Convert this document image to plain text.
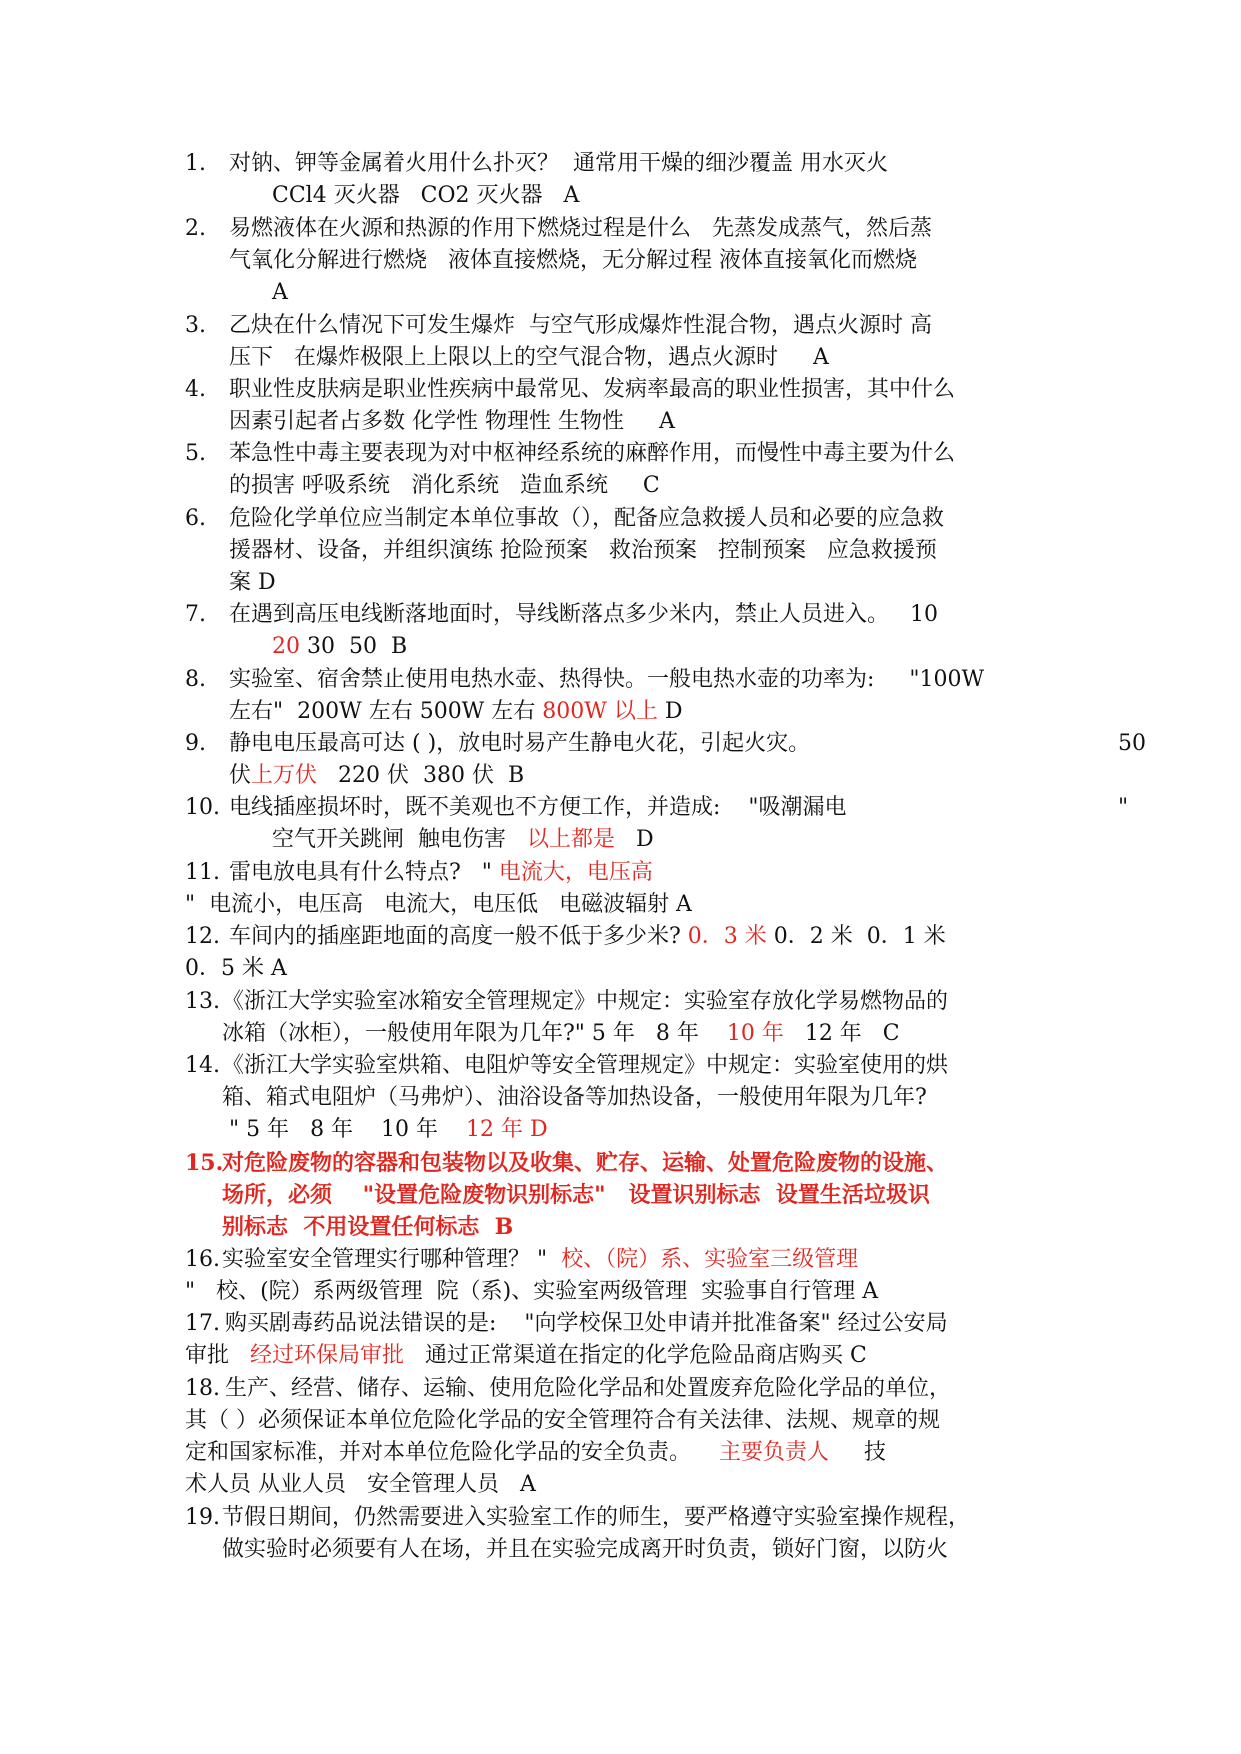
1. 对钠、钾等金属着火用什么扑灭？  通常用干燥的细沙覆盖 用水灭火
CCl4 灭火器   CO2 灭火器   A
2. 易燃液体在火源和热源的作用下燃烧过程是什么   先蒸发成蒸气，然后蒸
气氧化分解进行燃烧   液体直接燃烧，无分解过程 液体直接氧化而燃烧
A
3. 乙炔在什么情况下可发生爆炸  与空气形成爆炸性混合物，遇点火源时 高
压下   在爆炸极限上上限以上的空气混合物，遇点火源时     A
4. 职业性皮肤病是职业性疾病中最常见、发病率最高的职业性损害，其中什么
因素引起者占多数 化学性 物理性 生物性     A
5. 苯急性中毒主要表现为对中枢神经系统的麻醉作用，而慢性中毒主要为什么
的损害 呼吸系统   消化系统   造血系统     C
6. 危险化学单位应当制定本单位事故（），配备应急救援人员和必要的应急救
援器材、设备，并组织演练 抢险预案   救治预案   控制预案   应急救援预
案 D
7. 在遇到高压电线断落地面时，导线断落点多少米内，禁止人员进入。   10
20 30  50  B
8. 实验室、宿舍禁止使用电热水壶、热得快。一般电热水壶的功率为:     "100W
左右"  200W 左右 500W 左右 800W 以上 D
9. 静电电压最高可达 ( )，放电时易产生静电火花，引起火灾。	50
伏上万伏   220 伏  380 伏  B
10. 电线插座损坏时，既不美观也不方便工作，并造成:    "吸潮漏电	"
空气开关跳闸  触电伤害   以上都是   D
11. 雷电放电具有什么特点?   " 电流大，电压高
"  电流小，电压高   电流大，电压低   电磁波辐射 A
12. 车间内的插座距地面的高度一般不低于多少米? 0．3 米 0．2 米  0．1 米
0．5 米 A
13. 《浙江大学实验室冰箱安全管理规定》中规定：实验室存放化学易燃物品的
冰箱（冰柜），一般使用年限为几年?" 5 年   8 年    10 年   12 年   C
14. 《浙江大学实验室烘箱、电阻炉等安全管理规定》中规定：实验室使用的烘
箱、箱式电阻炉（马弗炉）、油浴设备等加热设备，一般使用年限为几年?
" 5 年   8 年    10 年    12 年 D
15.
对危险废物的容器和包装物以及收集、贮存、运输、处置危险废物的设施、
场所，必须    "设置危险废物识别标志"   设置识别标志  设置生活垃圾识
别标志  不用设置任何标志  B
16. 实验室安全管理实行哪种管理？ "  校、（院）系、实验室三级管理
"   校、(院）系两级管理  院（系)、实验室两级管理  实验事自行管理 A
17.
购买剧毒药品说法错误的是:    "向学校保卫处申请并批准备案" 经过公安局
审批   经过环保局审批   通过正常渠道在指定的化学危险品商店购买 C
18.
生产、经营、储存、运输、使用危险化学品和处置废弃危险化学品的单位，
其（ ）必须保证本单位危险化学品的安全管理符合有关法律、法规、规章的规
定和国家标准，并对本单位危险化学品的安全负责。    主要负责人     技
术人员 从业人员   安全管理人员   A
19. 节假日期间，仍然需要进入实验室工作的师生，要严格遵守实验室操作规程，
做实验时必须要有人在场，并且在实验完成离开时负责，锁好门窗，以防火
